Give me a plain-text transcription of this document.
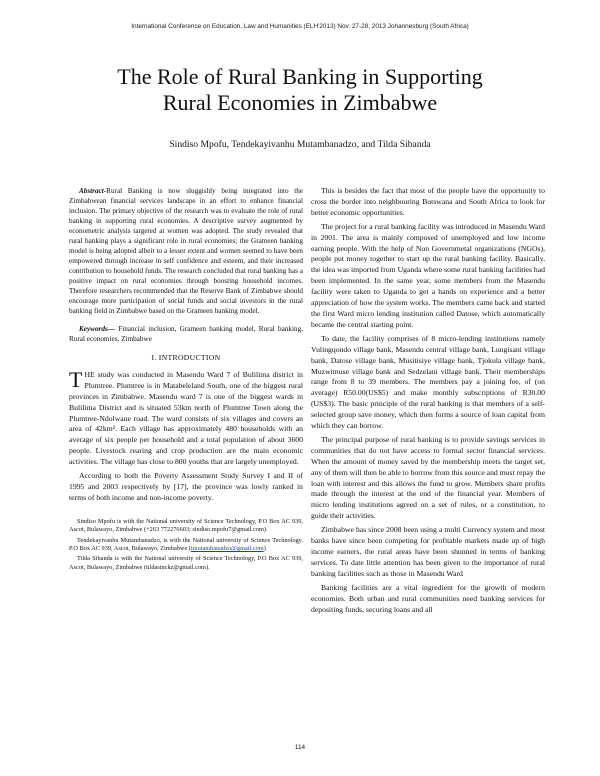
International Conference on Education, Law and Humanities (ELH'2013) Nov. 27-28, 2013 Johannesburg (South Africa)
The Role of Rural Banking in Supporting
Rural Economies in Zimbabwe
Sindiso Mpofu, Tendekayivanhu Mutambanadzo, and Tilda Sibanda

Abstract-Rural Banking is now sluggishly being integrated into the Zimbabwean financial services landscape in an effort to enhance financial inclusion. The primary objective of the research was to evaluate the role of rural banking in supporting rural economies. A descriptive survey augmented by econometric analysis targeted at women was adopted. The study revealed that rural banking plays a significant role in rural economies; the Grameen banking model is being adopted albeit to a lesser extent and women seemed to have been empowered through increase in self confidence and esteem, and their increased contribution to household funds. The research concluded that rural banking has a positive impact on rural economies through boosting household incomes. Therefore researchers recommended that the Reserve Bank of Zimbabwe should encourage more participation of social funds and social investors in the rural banking field in Zimbabwe based on the Grameen banking model.

Keywords— Financial inclusion, Grameen banking model, Rural banking, Rural economies, Zimbabwe

I. INTRODUCTION

THE study was conducted in Masendu Ward 7 of Bulilima district in Plumtree. Plumtree is in Matabeleland South, one of the biggest rural provinces in Zimbabwe. Masendu ward 7 is one of the biggest wards in Bulilima District and is situated 53km north of Plumtree Town along the Plumtree-Ndolwane road. The ward consists of six villages and covers an area of 42km². Each village has approximately 480 households with an average of six people per household and a total population of about 3600 people. Livestock rearing and crop production are the main economic activities. The village has close to 800 youths that are largely unemployed.

According to both the Poverty Assessment Study Survey I and II of 1995 and 2003 respectively by [17], the province was lowly ranked in terms of both income and non-income poverty.

Sindiso Mpofu is with the National university of Science Technology, P.O Box AC 939, Ascot, Bulawayo, Zimbabwe (+263 772276603; sindiso.mpofu7@gmail.com).

Tendekayivanhu Mutambanadzo, is with the National university of Science Technology. P.O Box AC 939, Ascot, Bulawayo, Zimbabwe (tmutambanadzo@gmail.com)

Tilda Sibanda is with the National university of Science Technology, P.O Box AC 939, Ascot, Bulawayo, Zimbabwe (tildasinckz@gmail.com).

This is besides the fact that most of the people have the opportunity to cross the border into neighbouring Botswana and South Africa to look for better economic opportunities.

The project for a rural banking facility was introduced in Masendu Ward in 2001. The area is mainly composed of unemployed and low income earning people. With the help of Non Governmetal organizations (NGOs), people put money together to start up the rural banking facility. Basically, the idea was imported from Uganda where some rural banking facilities had been implemented. In the same year, some members from the Masendu facility were taken to Uganda to get a hands on experience and a better appreciation of how the system works. The members came back and started the first Ward micro lending institution called Datose, which automatically became the central starting point.

To date, the facility comprises of 8 micro-lending institutions namely Vulingqondo village bank, Masendu central village bank, Lungisani village bank, Datose village bank, Musitisiye village bank, Tjokula village bank, Muzwimuse village bank and Sedzelani village bank. Their memberships range from 8 to 39 members. The members pay a joining fee, of (on average) R50.00(US$5) and make monthly subscriptions of R30.00 (US$3). The basic principle of the rural banking is that members of a self-selected group save money, which then forms a source of loan capital from which they can borrow.

The principal purpose of rural banking is to provide savings services in communities that do not have access to formal sector financial services. When the amount of money saved by the membership meets the target set, any of them will then be able to borrow from this source and must repay the loan with interest and this allows the fund to grow. Members share profits made through the interest at the end of the financial year. Members of micro lending institutions agreed on a set of rules, or a constitution, to guide their activities.

Zimbabwe has since 2008 been using a multi Currency system and most banks have since been competing for profitable markets made up of high income earners, the rural areas have been shunned in terms of banking services. To date little attention has been given to the importance of rural banking facilities such as those in Masendu Ward

Banking facilities are a vital ingredient for the growth of modern economies. Both urban and rural communities need banking services for depositing funds, securing loans and all

114
